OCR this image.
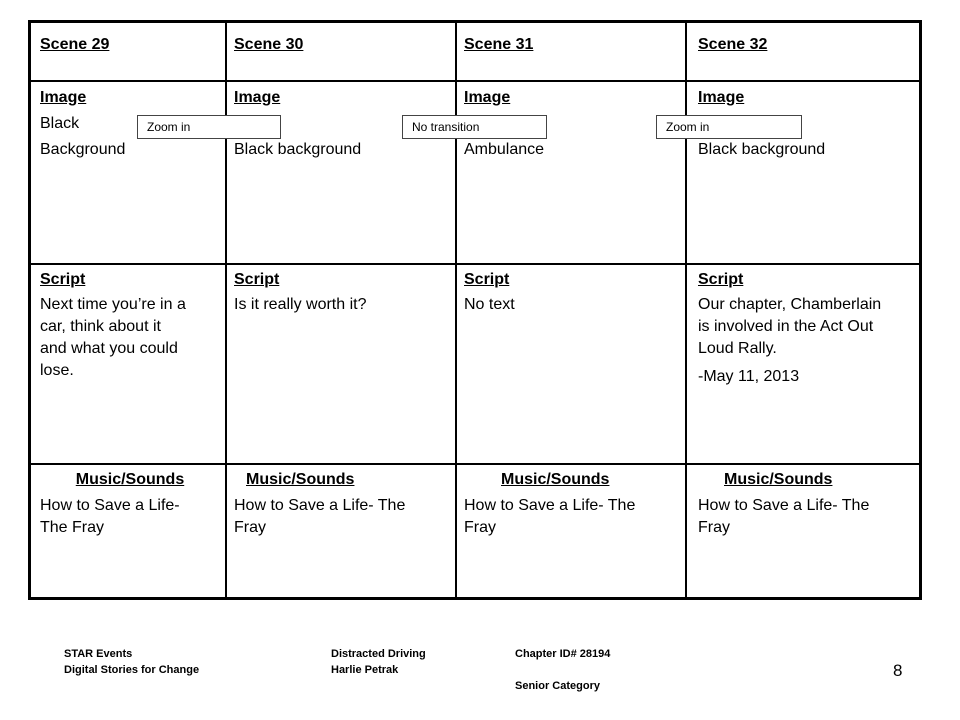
Scene 29
Image
Black
Background
Script

Next time you’re in a

car, think about it

and what you could

lose.

Music/Sounds

How to Save a Life-

The Fray

Scene 30
Image
Black background
Script

Is it really worth it?

Music/Sounds

How to Save a Life- The

Fray

Scene 31
Image
Ambulance
Script

No text

Music/Sounds

How to Save a Life- The

Fray

Scene 32
Image
Black background
Script

Our chapter, Chamberlain

is involved in the Act Out

Loud Rally.

-May 11, 2013

Music/Sounds

How to Save a Life- The

Fray

Zoom in	No transition	Zoom in
STAR Events
Digital Stories for Change
Distracted Driving
Harlie Petrak
Chapter ID# 28194
Senior Category
8
